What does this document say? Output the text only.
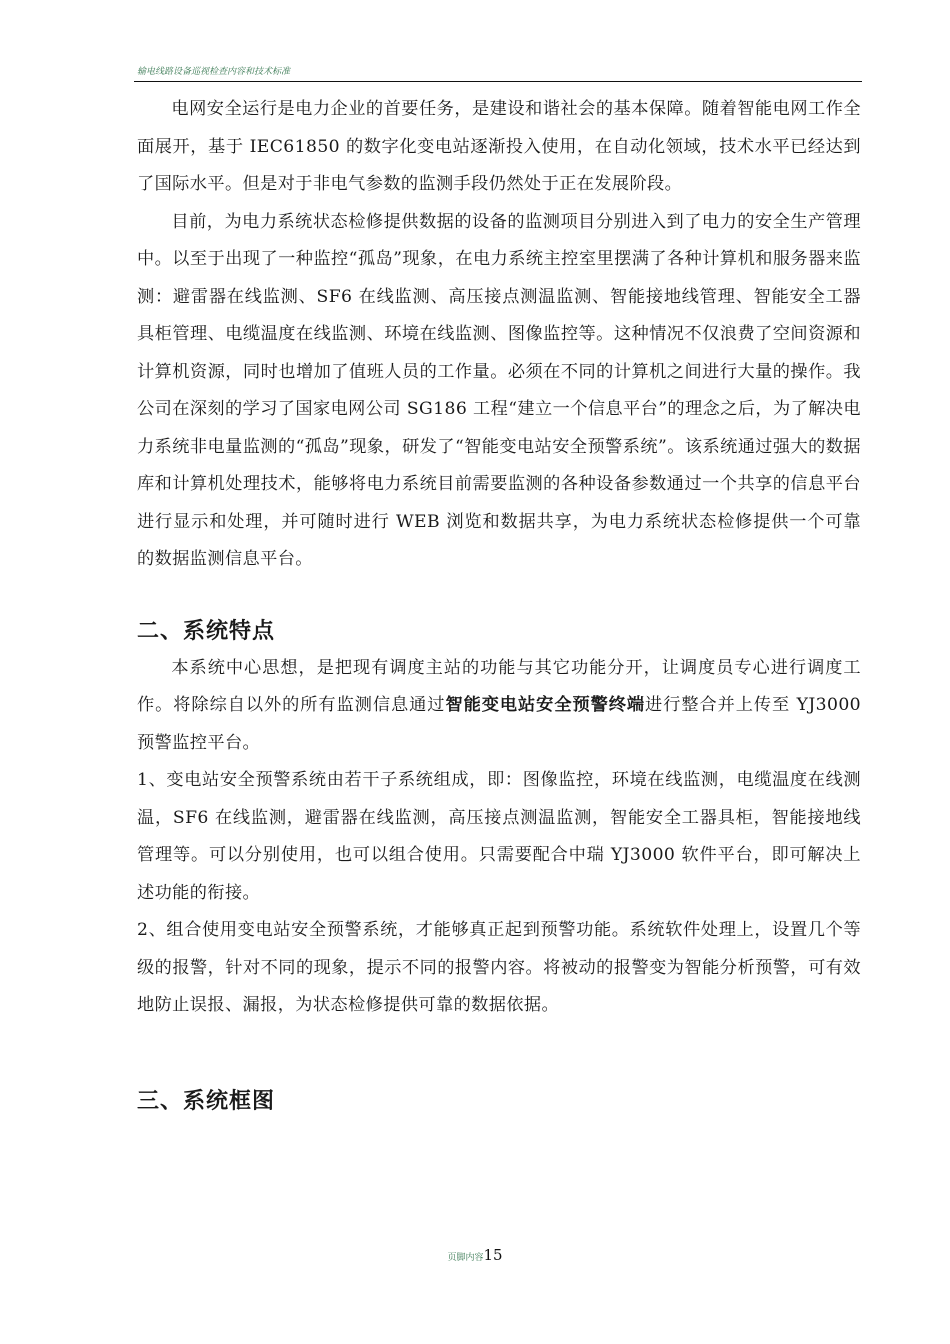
输电线路设备巡视检查内容和技术标准

电网安全运行是电力企业的首要任务，是建设和谐社会的基本保障。随着智能电网工作全面展开，基于 IEC61850 的数字化变电站逐渐投入使用，在自动化领域，技术水平已经达到了国际水平。但是对于非电气参数的监测手段仍然处于正在发展阶段。

目前，为电力系统状态检修提供数据的设备的监测项目分别进入到了电力的安全生产管理中。以至于出现了一种监控“孤岛”现象，在电力系统主控室里摆满了各种计算机和服务器来监测：避雷器在线监测、SF6 在线监测、高压接点测温监测、智能接地线管理、智能安全工器具柜管理、电缆温度在线监测、环境在线监测、图像监控等。这种情况不仅浪费了空间资源和计算机资源，同时也增加了值班人员的工作量。必须在不同的计算机之间进行大量的操作。我公司在深刻的学习了国家电网公司 SG186 工程“建立一个信息平台”的理念之后，为了解决电力系统非电量监测的“孤岛”现象，研发了“智能变电站安全预警系统”。该系统通过强大的数据库和计算机处理技术，能够将电力系统目前需要监测的各种设备参数通过一个共享的信息平台进行显示和处理，并可随时进行 WEB 浏览和数据共享，为电力系统状态检修提供一个可靠的数据监测信息平台。

二、系统特点

本系统中心思想，是把现有调度主站的功能与其它功能分开，让调度员专心进行调度工作。将除综自以外的所有监测信息通过智能变电站安全预警终端进行整合并上传至 YJ3000 预警监控平台。

1、变电站安全预警系统由若干子系统组成，即：图像监控，环境在线监测，电缆温度在线测温，SF6 在线监测，避雷器在线监测，高压接点测温监测，智能安全工器具柜，智能接地线管理等。可以分别使用，也可以组合使用。只需要配合中瑞 YJ3000 软件平台，即可解决上述功能的衔接。

2、组合使用变电站安全预警系统，才能够真正起到预警功能。系统软件处理上，设置几个等级的报警，针对不同的现象，提示不同的报警内容。将被动的报警变为智能分析预警，可有效地防止误报、漏报，为状态检修提供可靠的数据依据。

三、系统框图
页脚内容15
